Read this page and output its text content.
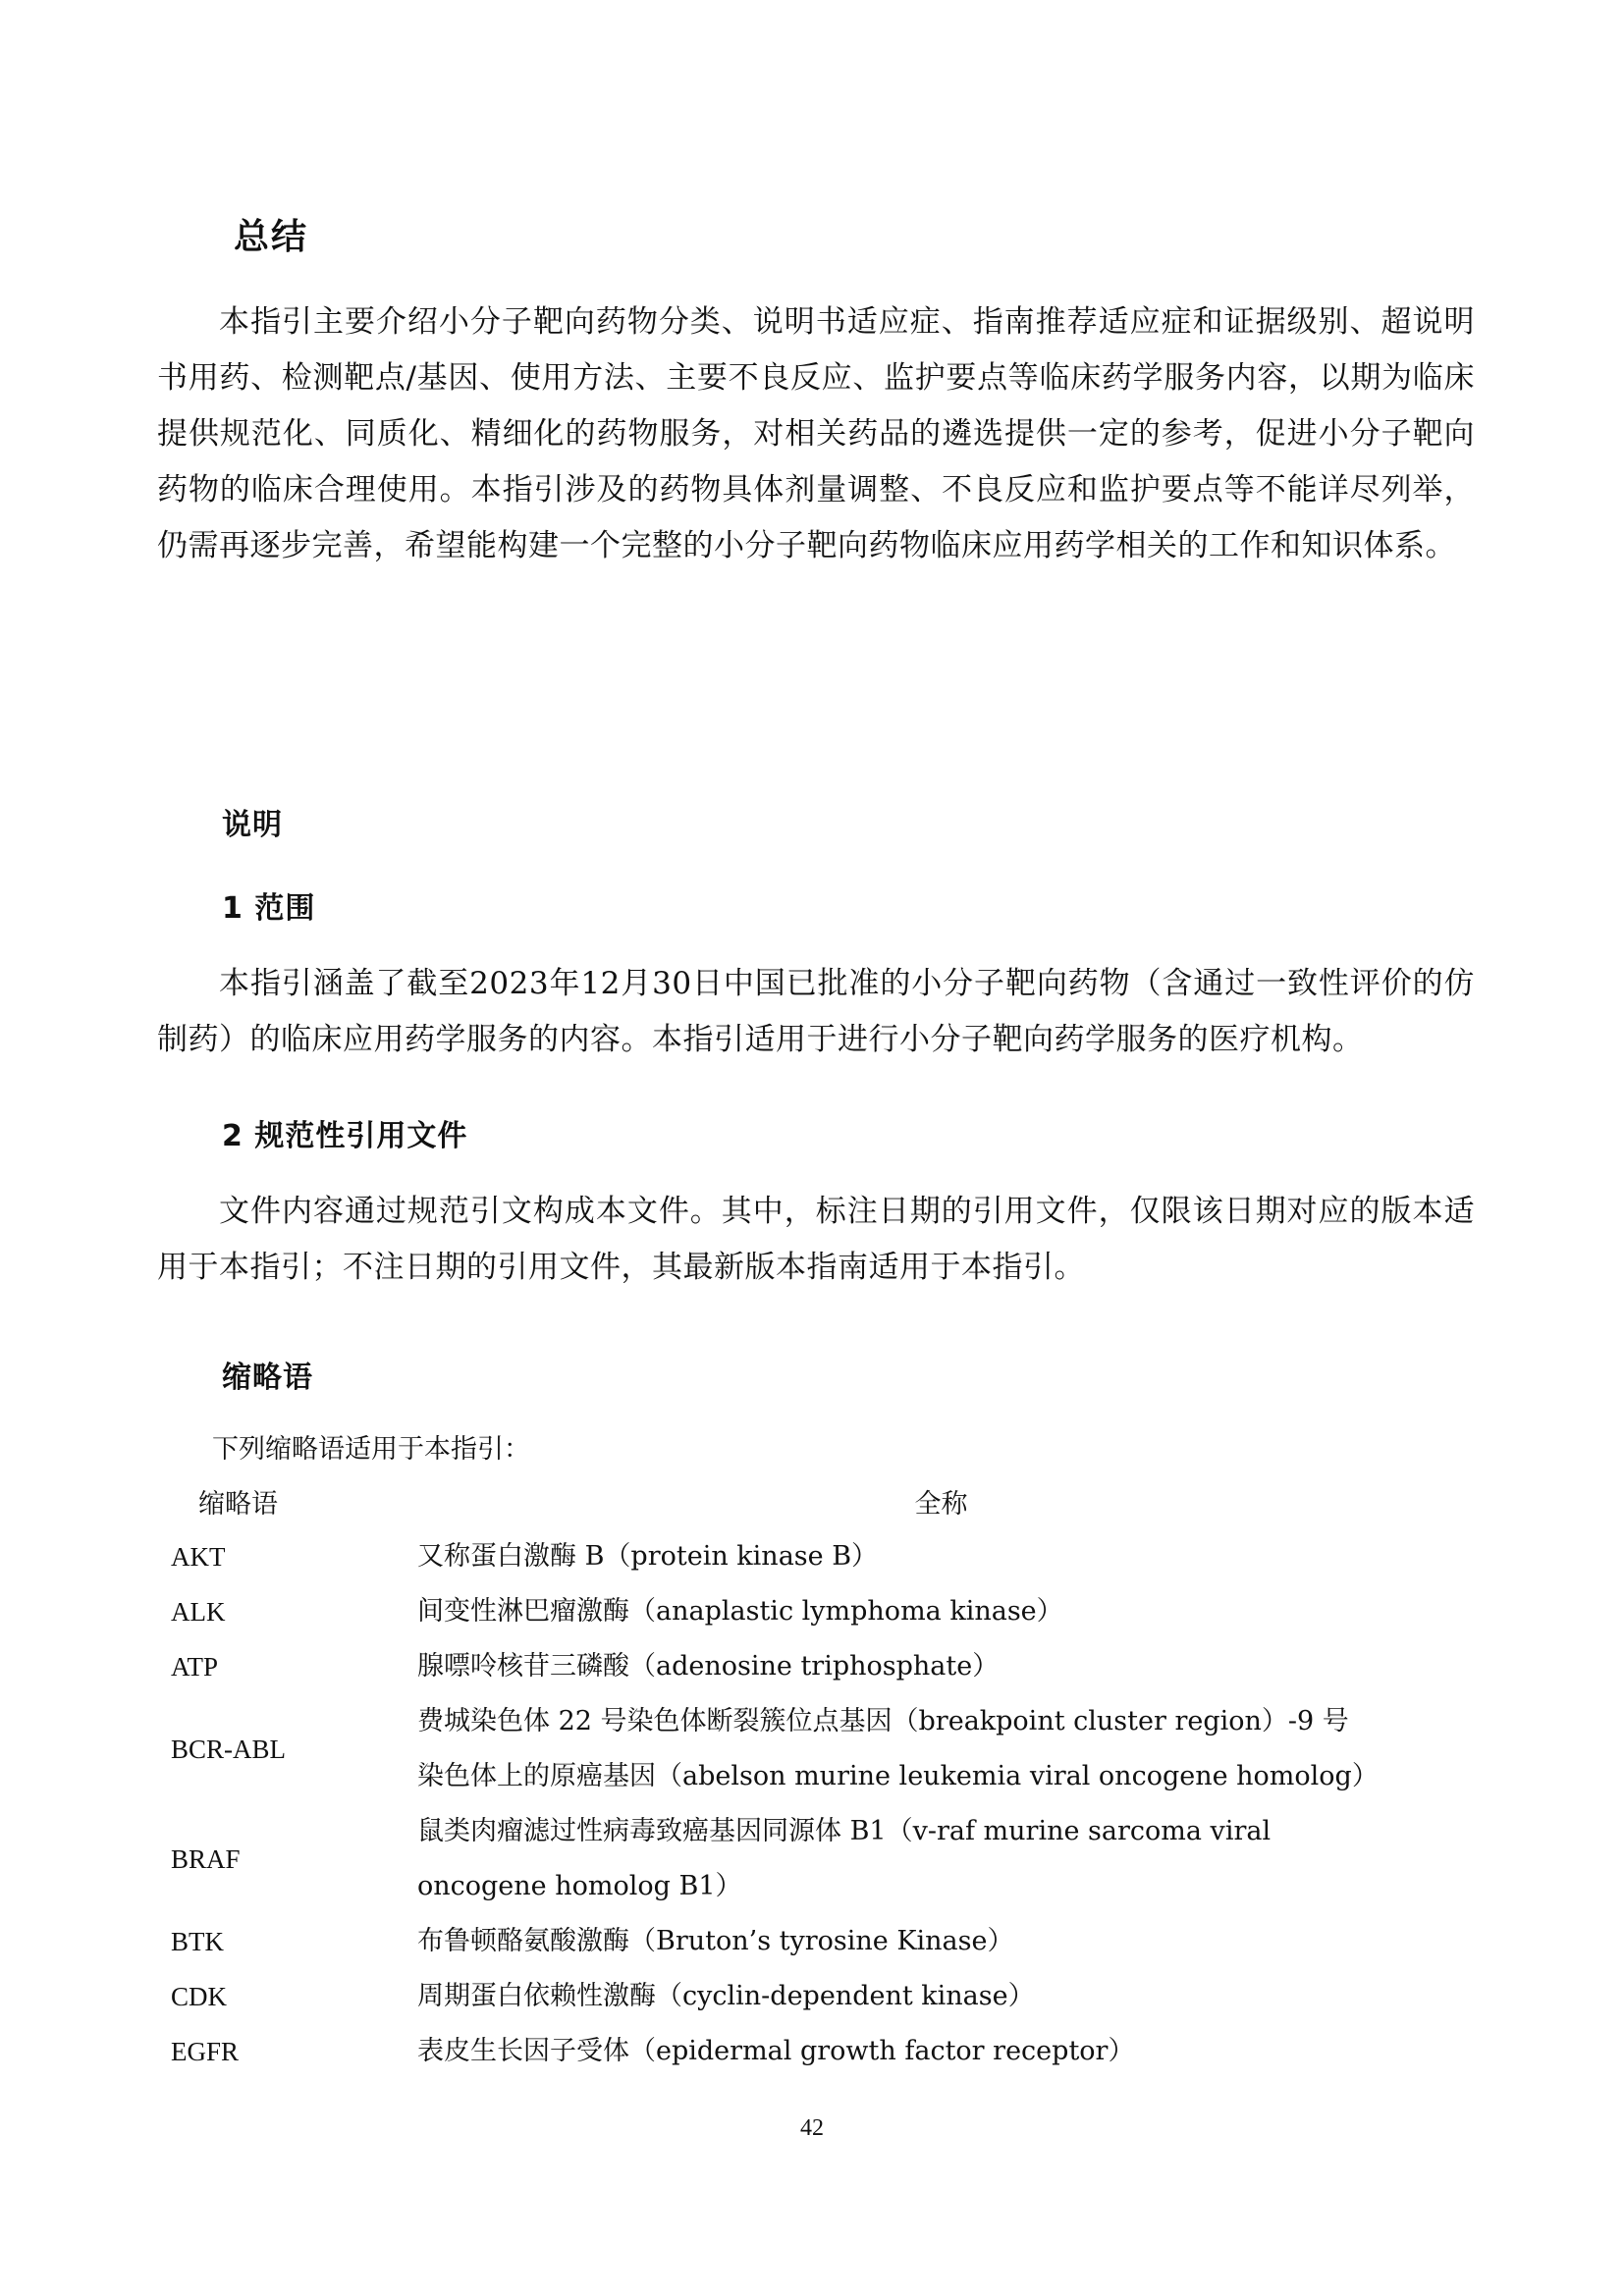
总结

本指引主要介绍小分子靶向药物分类、说明书适应症、指南推荐适应症和证据级别、超说明书用药、检测靶点/基因、使用方法、主要不良反应、监护要点等临床药学服务内容，以期为临床提供规范化、同质化、精细化的药物服务，对相关药品的遴选提供一定的参考，促进小分子靶向药物的临床合理使用。本指引涉及的药物具体剂量调整、不良反应和监护要点等不能详尽列举，仍需再逐步完善，希望能构建一个完整的小分子靶向药物临床应用药学相关的工作和知识体系。

说明
1 范围

本指引涵盖了截至2023年12月30日中国已批准的小分子靶向药物（含通过一致性评价的仿制药）的临床应用药学服务的内容。本指引适用于进行小分子靶向药学服务的医疗机构。

2 规范性引用文件

文件内容通过规范引文构成本文件。其中，标注日期的引用文件，仅限该日期对应的版本适用于本指引；不注日期的引用文件，其最新版本指南适用于本指引。

缩略语
下列缩略语适用于本指引：
缩略语	全称
AKT	又称蛋白激酶 B（protein kinase B）
ALK	间变性淋巴瘤激酶（anaplastic lymphoma kinase）
ATP	腺嘌呤核苷三磷酸（adenosine triphosphate）
BCR-ABL	费城染色体 22 号染色体断裂簇位点基因（breakpoint cluster region）-9 号染色体上的原癌基因（abelson murine leukemia viral oncogene homolog）
BRAF	鼠类肉瘤滤过性病毒致癌基因同源体 B1（v-raf murine sarcoma viral oncogene homolog B1）
BTK	布鲁顿酪氨酸激酶（Bruton’s tyrosine Kinase）
CDK	周期蛋白依赖性激酶（cyclin-dependent kinase）
EGFR	表皮生长因子受体（epidermal growth factor receptor）
42
